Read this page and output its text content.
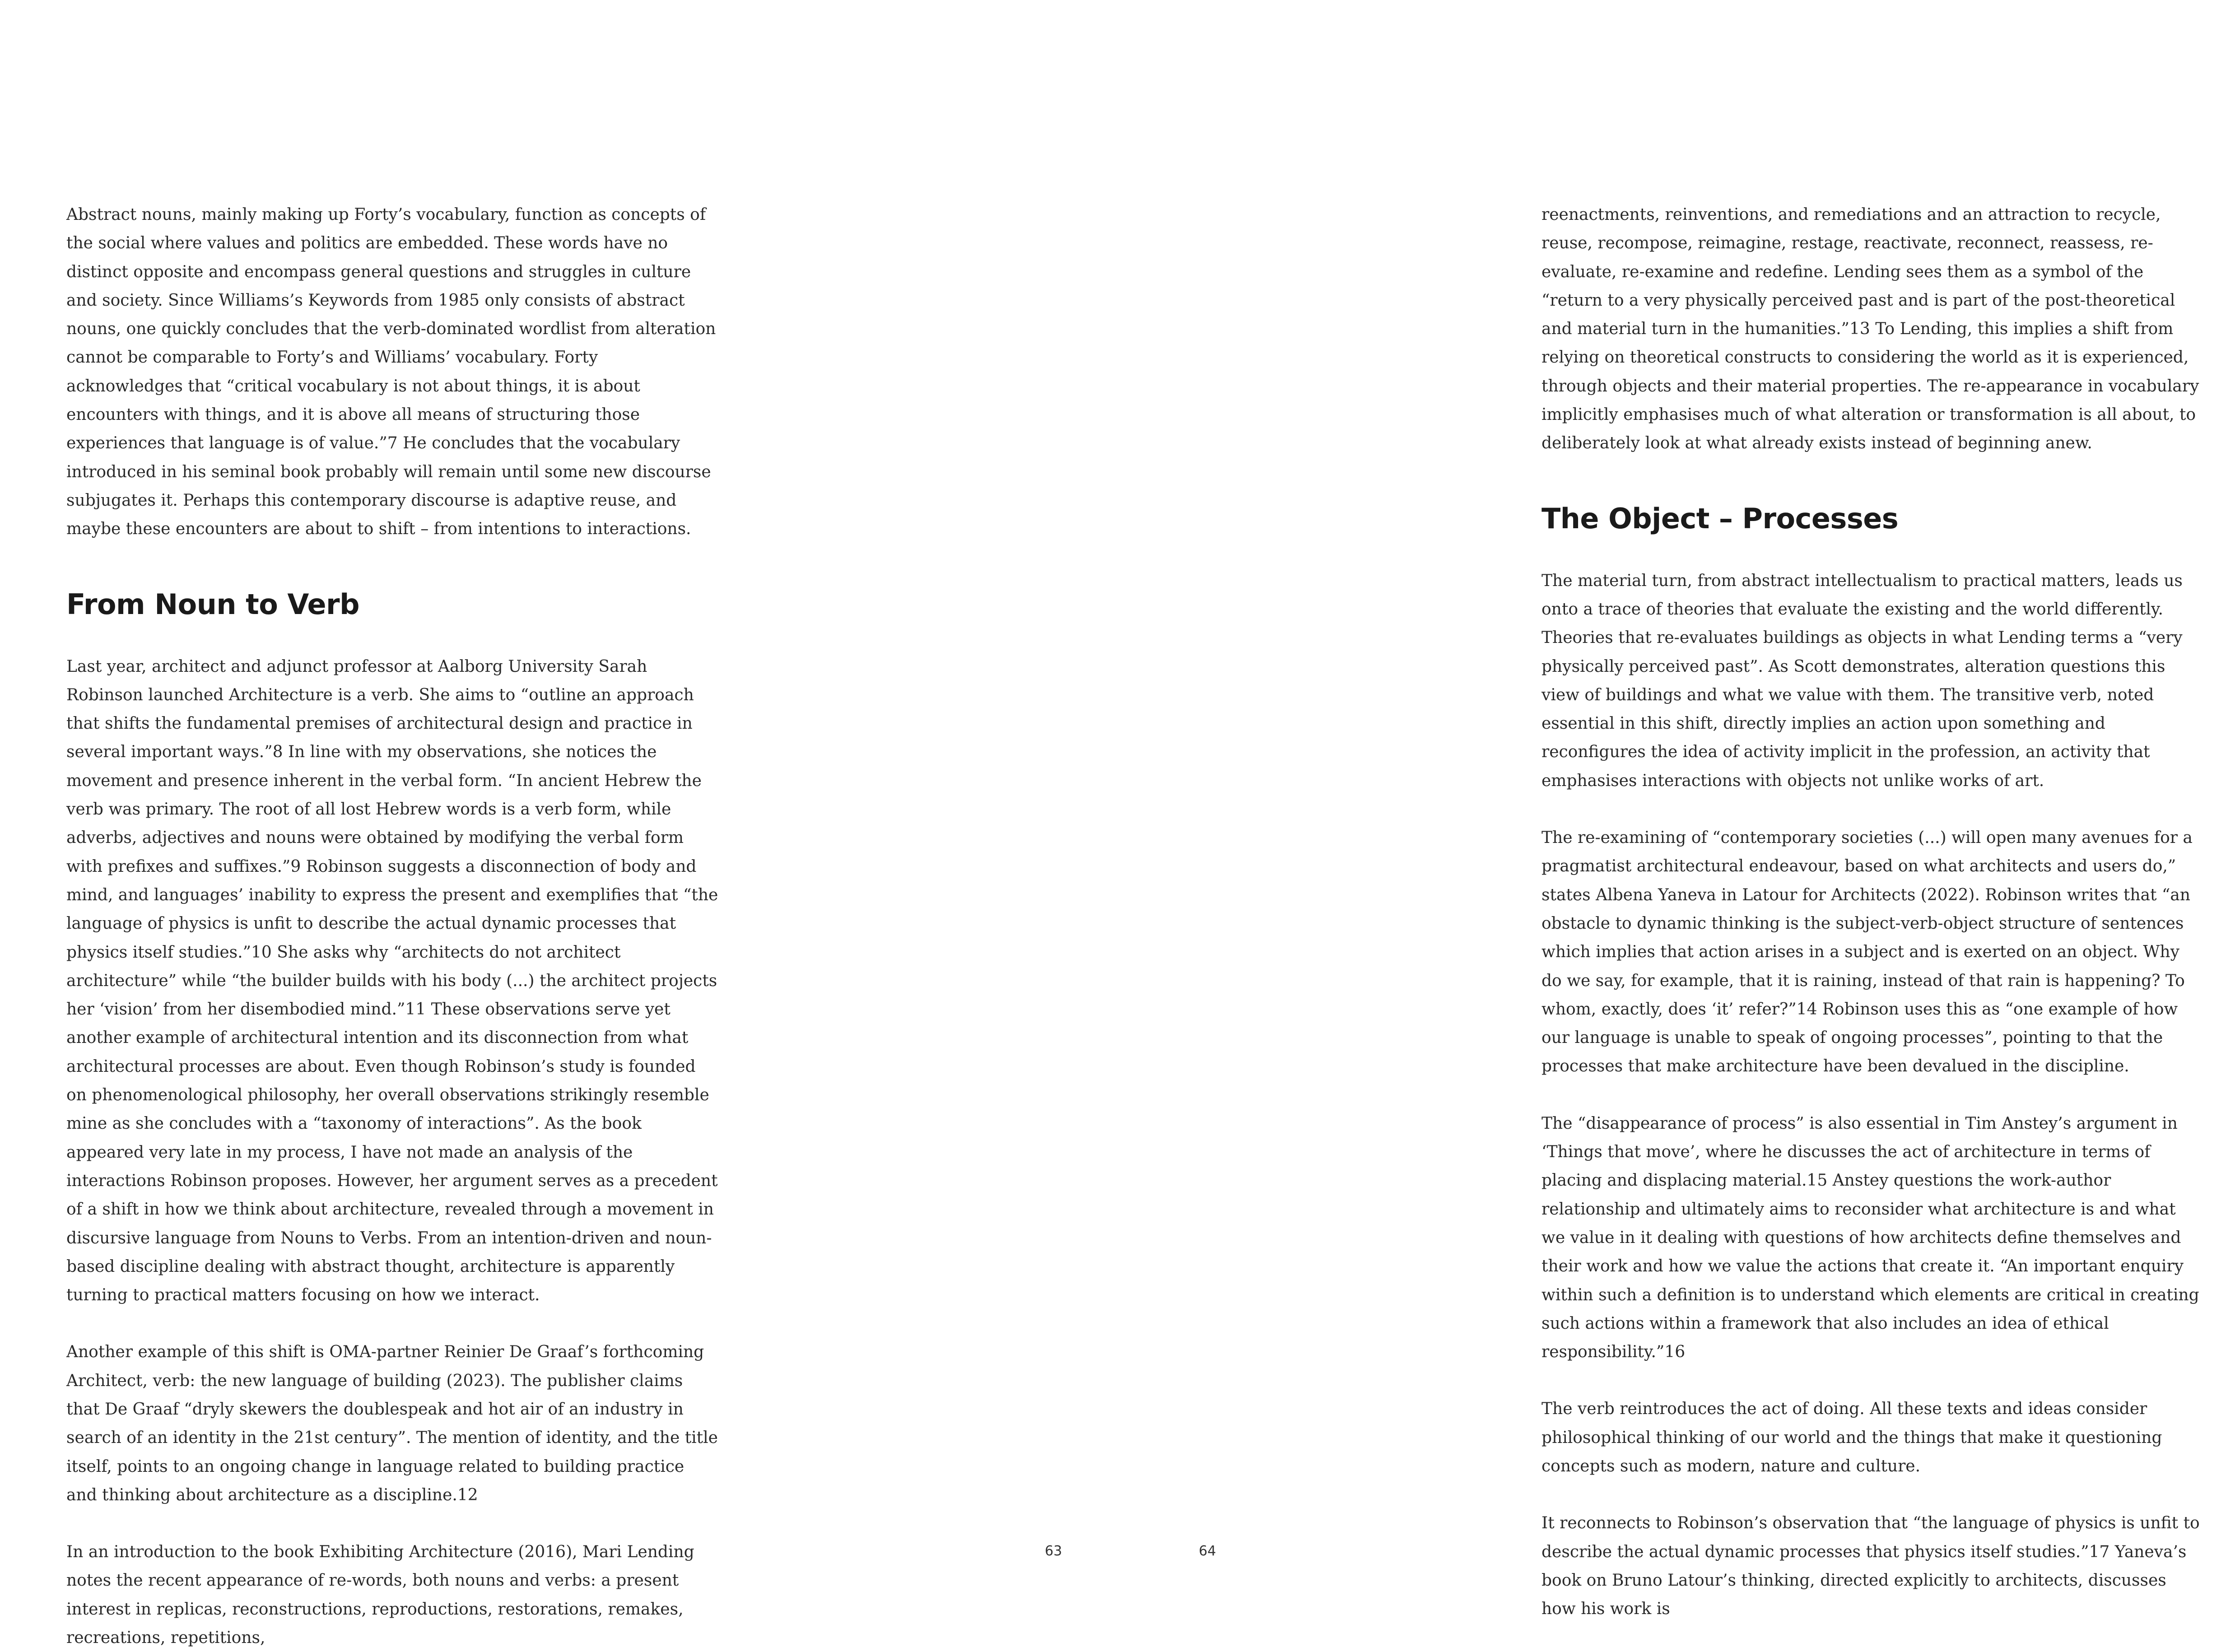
Abstract nouns, mainly making up Forty’s vocabulary, function as concepts of the social where values and politics are embedded. These words have no distinct opposite and encompass general questions and struggles in culture and society. Since Williams’s Keywords from 1985 only consists of abstract nouns, one quickly concludes that the verb-dominated wordlist from alteration cannot be comparable to Forty’s and Williams’ vocabulary. Forty acknowledges that “critical vocabulary is not about things, it is about encounters with things, and it is above all means of structuring those experiences that language is of value.”7 He concludes that the vocabulary introduced in his seminal book probably will remain until some new discourse subjugates it. Perhaps this contemporary discourse is adaptive reuse, and maybe these encounters are about to shift – from intentions to interactions.

From Noun to Verb

Last year, architect and adjunct professor at Aalborg University Sarah Robinson launched Architecture is a verb. She aims to “outline an approach that shifts the fundamental premises of architectural design and practice in several important ways.”8 In line with my observations, she notices the movement and presence inherent in the verbal form. “In ancient Hebrew the verb was primary. The root of all lost Hebrew words is a verb form, while adverbs, adjectives and nouns were obtained by modifying the verbal form with prefixes and suffixes.”9 Robinson suggests a disconnection of body and mind, and languages’ inability to express the present and exemplifies that “the language of physics is unfit to describe the actual dynamic processes that physics itself studies.”10 She asks why “architects do not architect architecture” while “the builder builds with his body (...) the architect projects her ‘vision’ from her disembodied mind.”11 These observations serve yet another example of architectural intention and its disconnection from what architectural processes are about. Even though Robinson’s study is founded on phenomenological philosophy, her overall observations strikingly resemble mine as she concludes with a “taxonomy of interactions”. As the book appeared very late in my process, I have not made an analysis of the interactions Robinson proposes. However, her argument serves as a precedent of a shift in how we think about architecture, revealed through a movement in discursive language from Nouns to Verbs. From an intention-driven and noun-based discipline dealing with abstract thought, architecture is apparently turning to practical matters focusing on how we interact.

Another example of this shift is OMA-partner Reinier De Graaf’s forthcoming Architect, verb: the new language of building (2023). The publisher claims that De Graaf “dryly skewers the doublespeak and hot air of an industry in search of an identity in the 21st century”. The mention of identity, and the title itself, points to an ongoing change in language related to building practice and thinking about architecture as a discipline.12

In an introduction to the book Exhibiting Architecture (2016), Mari Lending notes the recent appearance of re-words, both nouns and verbs: a present interest in replicas, reconstructions, reproductions, restorations, remakes, recreations, repetitions,

reenactments, reinventions, and remediations and an attraction to recycle, reuse, recompose, reimagine, restage, reactivate, reconnect, reassess, re-evaluate, re-examine and redefine. Lending sees them as a symbol of the “return to a very physically perceived past and is part of the post-theoretical and material turn in the humanities.”13 To Lending, this implies a shift from relying on theoretical constructs to considering the world as it is experienced, through objects and their material properties. The re-appearance in vocabulary implicitly emphasises much of what alteration or transformation is all about, to deliberately look at what already exists instead of beginning anew.

The Object – Processes

The material turn, from abstract intellectualism to practical matters, leads us onto a trace of theories that evaluate the existing and the world differently. Theories that re-evaluates buildings as objects in what Lending terms a “very physically perceived past”. As Scott demonstrates, alteration questions this view of buildings and what we value with them. The transitive verb, noted essential in this shift, directly implies an action upon something and reconfigures the idea of activity implicit in the profession, an activity that emphasises interactions with objects not unlike works of art.

The re-examining of “contemporary societies (...) will open many avenues for a pragmatist architectural endeavour, based on what architects and users do,” states Albena Yaneva in Latour for Architects (2022). Robinson writes that “an obstacle to dynamic thinking is the subject-verb-object structure of sentences which implies that action arises in a subject and is exerted on an object. Why do we say, for example, that it is raining, instead of that rain is happening? To whom, exactly, does ‘it’ refer?”14 Robinson uses this as “one example of how our language is unable to speak of ongoing processes”, pointing to that the processes that make architecture have been devalued in the discipline.

The “disappearance of process” is also essential in Tim Anstey’s argument in ‘Things that move’, where he discusses the act of architecture in terms of placing and displacing material.15 Anstey questions the work-author relationship and ultimately aims to reconsider what architecture is and what we value in it dealing with questions of how architects define themselves and their work and how we value the actions that create it. “An important enquiry within such a definition is to understand which elements are critical in creating such actions within a framework that also includes an idea of ethical responsibility.”16

The verb reintroduces the act of doing. All these texts and ideas consider philosophical thinking of our world and the things that make it questioning concepts such as modern, nature and culture.

It reconnects to Robinson’s observation that “the language of physics is unfit to describe the actual dynamic processes that physics itself studies.”17 Yaneva’s book on Bruno Latour’s thinking, directed explicitly to architects, discusses how his work is

63	64
